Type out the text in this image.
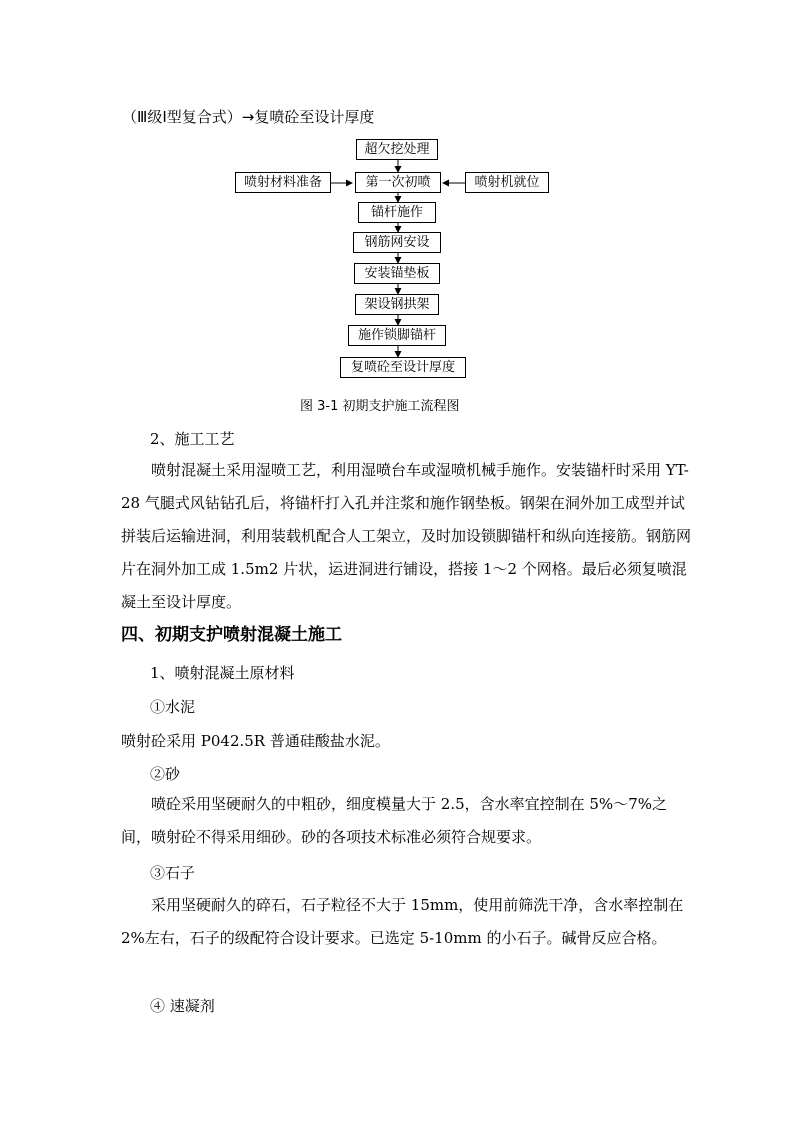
（Ⅲ级Ⅰ型复合式）→复喷砼至设计厚度
超欠挖处理
第一次初喷
锚杆施作
钢筋网安设
安装锚垫板
架设钢拱架
施作锁脚锚杆
复喷砼至设计厚度
喷射材料准备	喷射机就位
图 3-1 初期支护施工流程图
2、施工工艺
喷射混凝土采用湿喷工艺，利用湿喷台车或湿喷机械手施作。安装锚杆时采用 YT-28 气腿式风钻钻孔后，将锚杆打入孔并注浆和施作钢垫板。钢架在洞外加工成型并试拼装后运输进洞，利用装载机配合人工架立，及时加设锁脚锚杆和纵向连接筋。钢筋网片在洞外加工成 1.5m2 片状，运进洞进行铺设，搭接 1～2 个网格。最后必须复喷混凝土至设计厚度。
四、初期支护喷射混凝土施工
1、喷射混凝土原材料
①水泥
喷射砼采用 P042.5R 普通硅酸盐水泥。
②砂
喷砼采用坚硬耐久的中粗砂，细度模量大于 2.5，含水率宜控制在 5%～7%之间，喷射砼不得采用细砂。砂的各项技术标准必须符合规要求。
③石子
采用坚硬耐久的碎石，石子粒径不大于 15mm，使用前筛洗干净，含水率控制在 2%左右，石子的级配符合设计要求。已选定 5-10mm 的小石子。碱骨反应合格。
④ 速凝剂
